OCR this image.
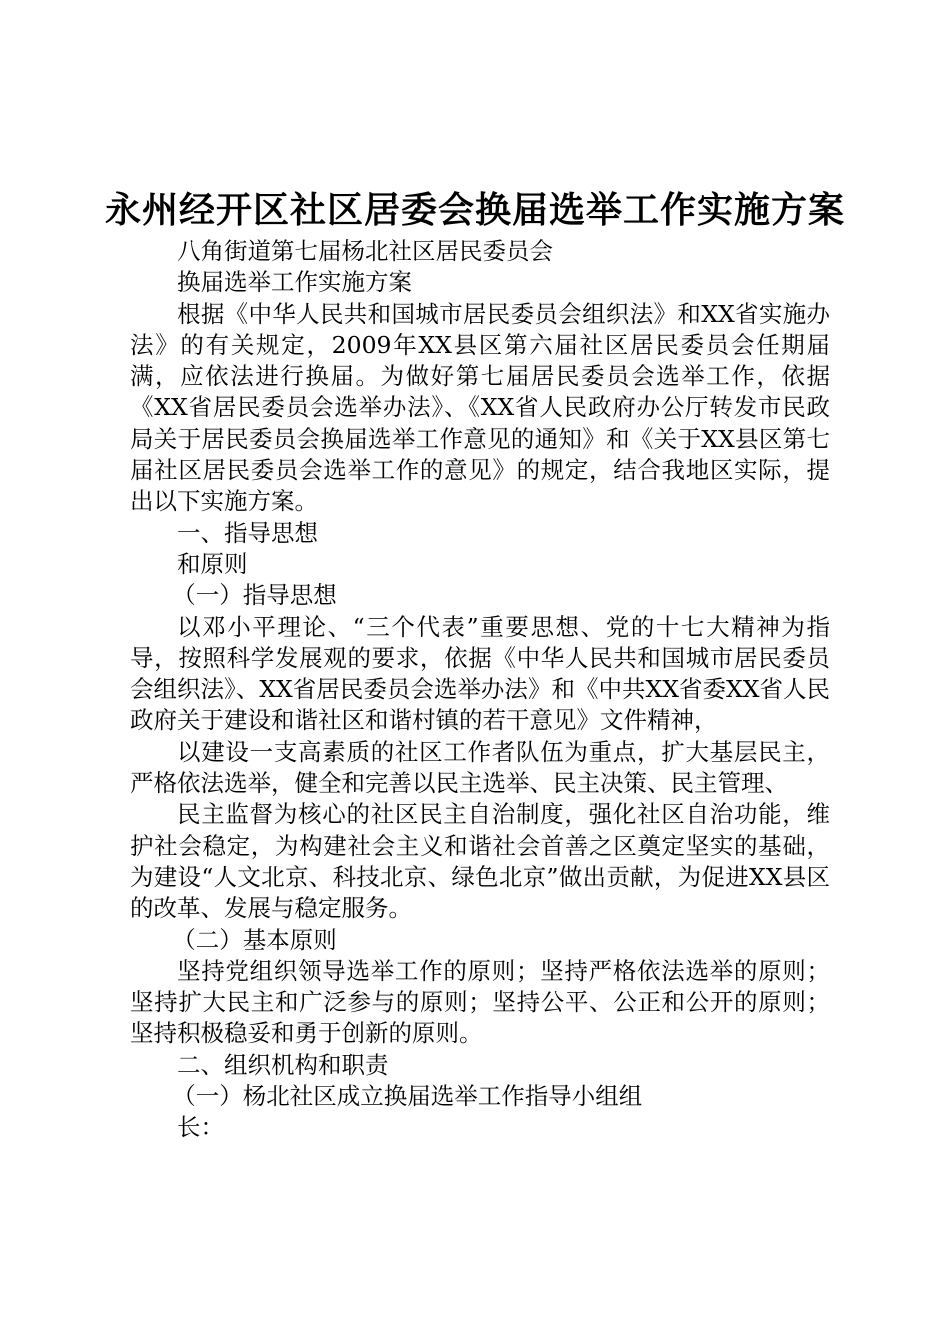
永州经开区社区居委会换届选举工作实施方案

八角街道第七届杨北社区居民委员会

换届选举工作实施方案

根据《中华人民共和国城市居民委员会组织法》和XX省实施办法》的有关规定，2009年XX县区第六届社区居民委员会任期届满，应依法进行换届。为做好第七届居民委员会选举工作，依据《XX省居民委员会选举办法》、《XX省人民政府办公厅转发市民政局关于居民委员会换届选举工作意见的通知》和《关于XX县区第七届社区居民委员会选举工作的意见》的规定，结合我地区实际，提出以下实施方案。

一、指导思想

和原则

（一）指导思想

以邓小平理论、“三个代表”重要思想、党的十七大精神为指导，按照科学发展观的要求，依据《中华人民共和国城市居民委员会组织法》、XX省居民委员会选举办法》和《中共XX省委XX省人民政府关于建设和谐社区和谐村镇的若干意见》文件精神，

以建设一支高素质的社区工作者队伍为重点，扩大基层民主，严格依法选举，健全和完善以民主选举、民主决策、民主管理、

民主监督为核心的社区民主自治制度，强化社区自治功能，维护社会稳定，为构建社会主义和谐社会首善之区奠定坚实的基础，为建设“人文北京、科技北京、绿色北京”做出贡献，为促进XX县区的改革、发展与稳定服务。

（二）基本原则

坚持党组织领导选举工作的原则；坚持严格依法选举的原则；坚持扩大民主和广泛参与的原则；坚持公平、公正和公开的原则；坚持积极稳妥和勇于创新的原则。

二、组织机构和职责

（一）杨北社区成立换届选举工作指导小组组

长：
